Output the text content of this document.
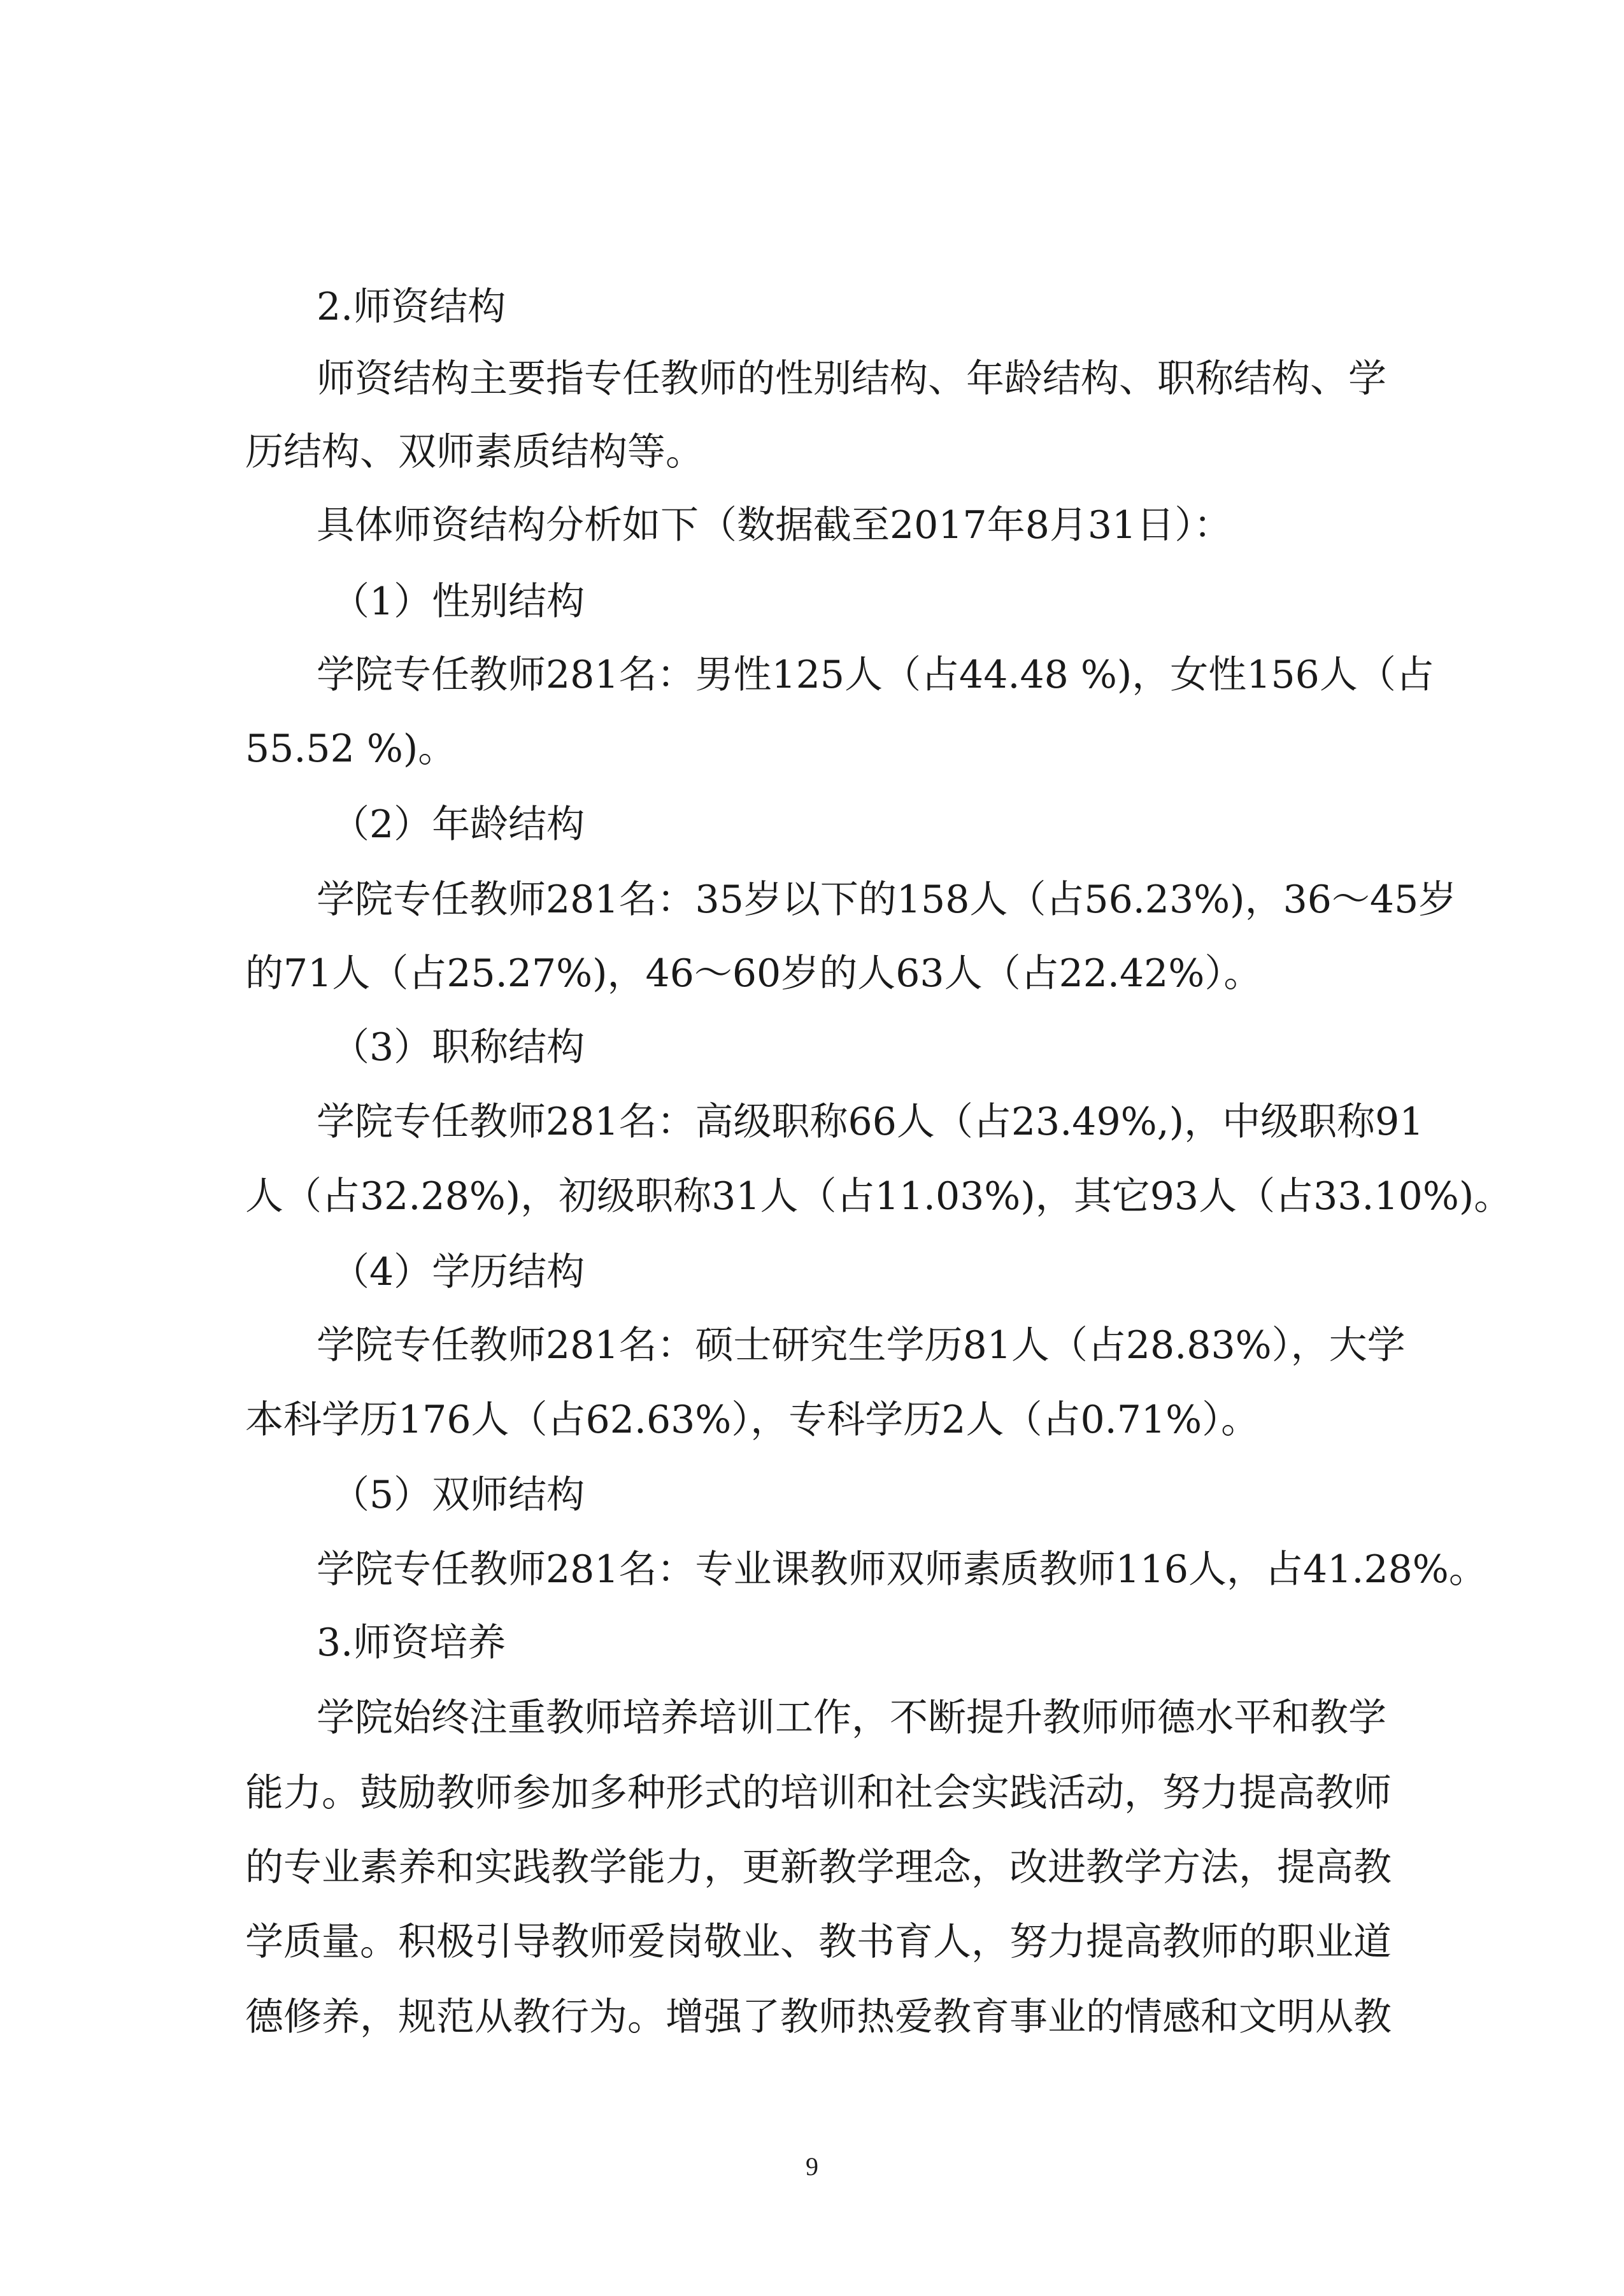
2.师资结构
师资结构主要指专任教师的性别结构、年龄结构、职称结构、学
历结构、双师素质结构等。
具体师资结构分析如下（数据截至2017年8月31日）：
（1）性别结构
学院专任教师281名：男性125人（占44.48 %)，女性156人（占
55.52 %)。
（2）年龄结构
学院专任教师281名：35岁以下的158人（占56.23%)，36～45岁
的71人（占25.27%)，46～60岁的人63人（占22.42%）。
（3）职称结构
学院专任教师281名：高级职称66人（占23.49%,)，中级职称91
人（占32.28%)，初级职称31人（占11.03%)，其它93人（占33.10%)。
（4）学历结构
学院专任教师281名：硕士研究生学历81人（占28.83%），大学
本科学历176人（占62.63%），专科学历2人（占0.71%）。
（5）双师结构
学院专任教师281名：专业课教师双师素质教师116人，占41.28%。
3.师资培养
学院始终注重教师培养培训工作，不断提升教师师德水平和教学
能力。鼓励教师参加多种形式的培训和社会实践活动，努力提高教师
的专业素养和实践教学能力，更新教学理念，改进教学方法，提高教
学质量。积极引导教师爱岗敬业、教书育人，努力提高教师的职业道
德修养，规范从教行为。增强了教师热爱教育事业的情感和文明从教
9
